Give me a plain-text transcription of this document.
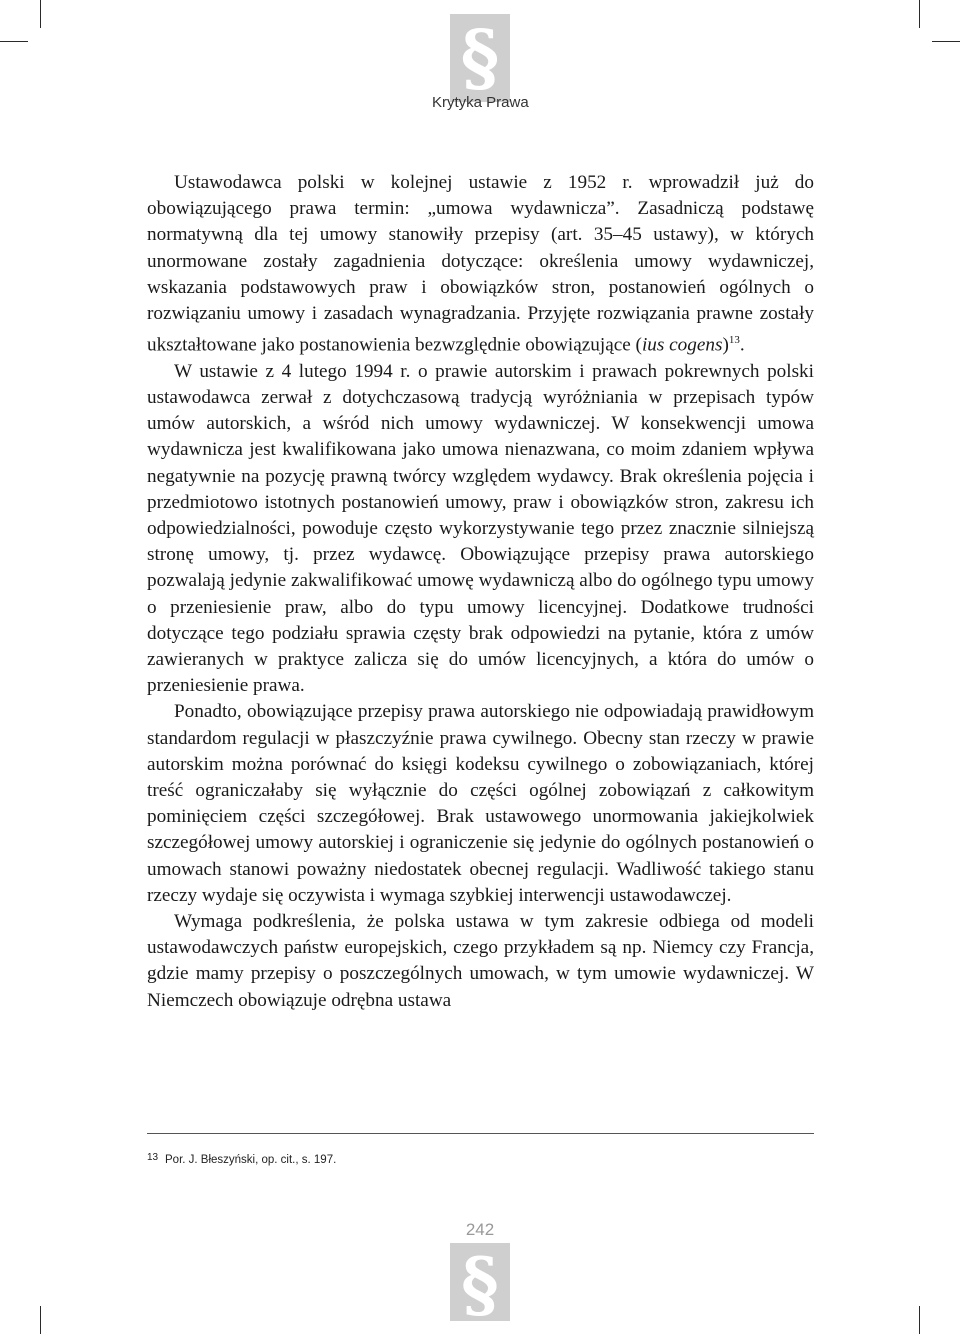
§
Krytyka Prawa

Ustawodawca polski w kolejnej ustawie z 1952 r. wprowadził już do obowiązującego prawa termin: „umowa wydawnicza”. Zasadniczą podstawę normatywną dla tej umowy stanowiły przepisy (art. 35–45 ustawy), w których unormowane zostały zagadnienia dotyczące: określenia umowy wydawniczej, wskazania podstawowych praw i obowiązków stron, postanowień ogólnych o rozwiązaniu umowy i zasadach wynagradzania. Przyjęte rozwiązania prawne zostały ukształtowane jako postanowienia bezwzględnie obowiązujące (ius cogens)$^{13}$.

W ustawie z 4 lutego 1994 r. o prawie autorskim i prawach pokrewnych polski ustawodawca zerwał z dotychczasową tradycją wyróżniania w przepisach typów umów autorskich, a wśród nich umowy wydawniczej. W konsekwencji umowa wydawnicza jest kwalifikowana jako umowa nienazwana, co moim zdaniem wpływa negatywnie na pozycję prawną twórcy względem wydawcy. Brak określenia pojęcia i przedmiotowo istotnych postanowień umowy, praw i obowiązków stron, zakresu ich odpowiedzialności, powoduje często wykorzystywanie tego przez znacznie silniejszą stronę umowy, tj. przez wydawcę. Obowiązujące przepisy prawa autorskiego pozwalają jedynie zakwalifikować umowę wydawniczą albo do ogólnego typu umowy o przeniesienie praw, albo do typu umowy licencyjnej. Dodatkowe trudności dotyczące tego podziału sprawia częsty brak odpowiedzi na pytanie, która z umów zawieranych w praktyce zalicza się do umów licencyjnych, a która do umów o przeniesienie prawa.

Ponadto, obowiązujące przepisy prawa autorskiego nie odpowiadają prawidłowym standardom regulacji w płaszczyźnie prawa cywilnego. Obecny stan rzeczy w prawie autorskim można porównać do księgi kodeksu cywilnego o zobowiązaniach, której treść ograniczałaby się wyłącznie do części ogólnej zobowiązań z całkowitym pominięciem części szczegółowej. Brak ustawowego unormowania jakiejkolwiek szczegółowej umowy autorskiej i ograniczenie się jedynie do ogólnych postanowień o umowach stanowi poważny niedostatek obecnej regulacji. Wadliwość takiego stanu rzeczy wydaje się oczywista i wymaga szybkiej interwencji ustawodawczej.

Wymaga podkreślenia, że polska ustawa w tym zakresie odbiega od modeli ustawodawczych państw europejskich, czego przykładem są np. Niemcy czy Francja, gdzie mamy przepisy o poszczególnych umowach, w tym umowie wydawniczej. W Niemczech obowiązuje odrębna ustawa

13 Por. J. Błeszyński, op. cit., s. 197.
242
§
